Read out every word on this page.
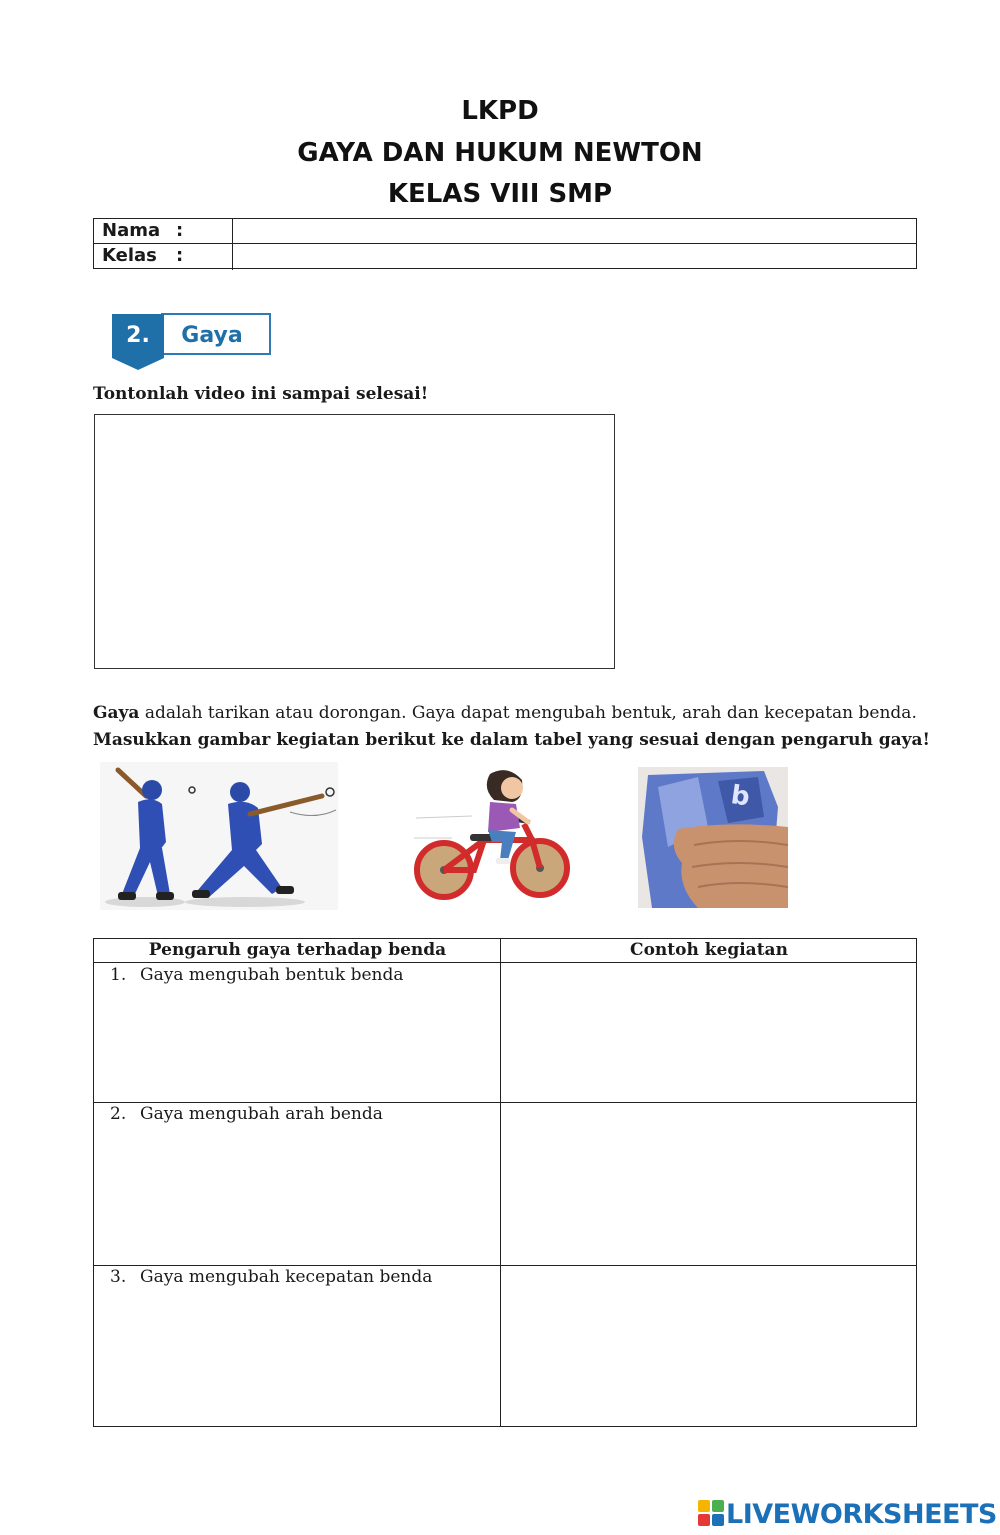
LKPD
GAYA DAN HUKUM NEWTON
KELAS VIII SMP
Nama :
Kelas :
2. Gaya
Tontonlah video ini sampai selesai!
Gaya adalah tarikan atau dorongan. Gaya dapat mengubah bentuk, arah dan kecepatan benda.
Masukkan gambar kegiatan berikut ke dalam tabel yang sesuai dengan pengaruh gaya!
b
Pengaruh gaya terhadap benda	Contoh kegiatan
1. Gaya mengubah bentuk benda
2. Gaya mengubah arah benda
3. Gaya mengubah kecepatan benda
LIVEWORKSHEETS
